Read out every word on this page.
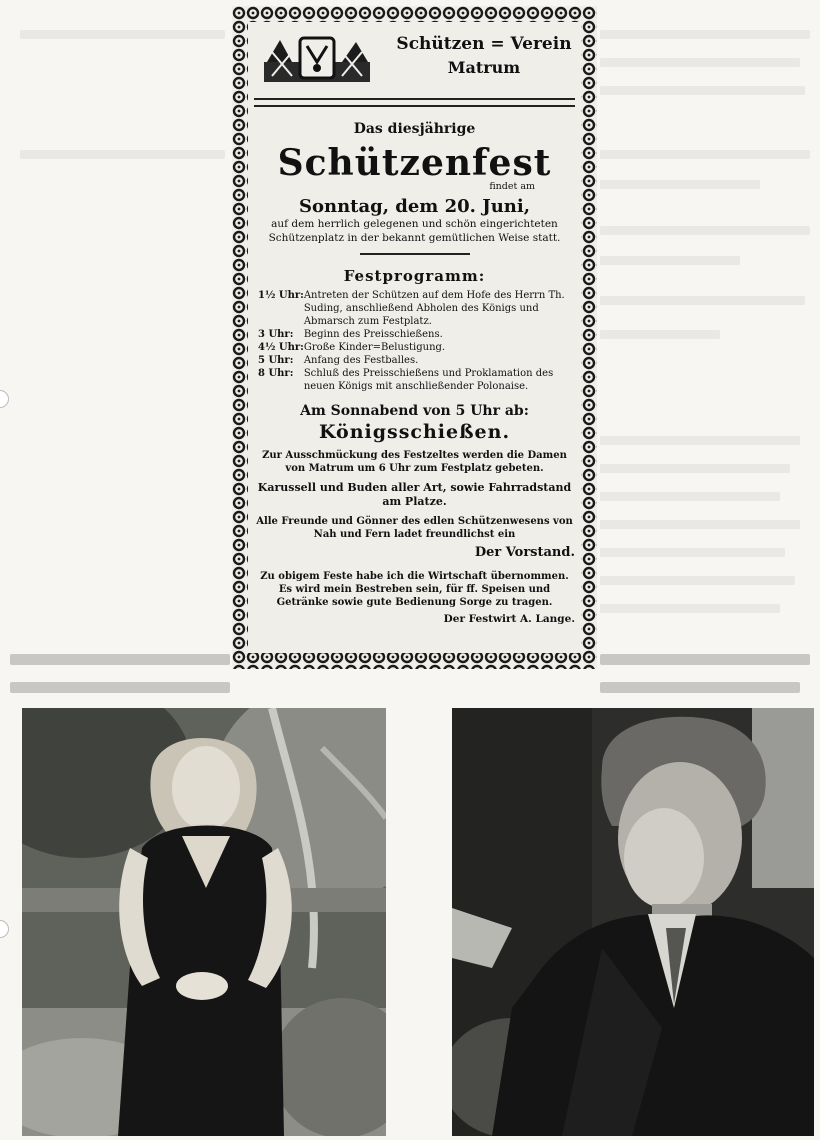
Schützen = Verein
Matrum
Das diesjährige
Schützenfest
findet am
Sonntag, dem 20. Juni,
auf dem herrlich gelegenen und schön eingerichteten Schützenplatz in der bekannt gemütlichen Weise statt.
Festprogramm:
1½ Uhr:	Antreten der Schützen auf dem Hofe des Herrn Th. Suding, anschließend Abholen des Königs und Abmarsch zum Festplatz.
3 Uhr:	Beginn des Preisschießens.
4½ Uhr:	Große Kinder=Belustigung.
5 Uhr:	Anfang des Festballes.
8 Uhr:	Schluß des Preisschießens und Proklamation des neuen Königs mit anschließender Polonaise.
Am Sonnabend von 5 Uhr ab:
Königsschießen.
Zur Ausschmückung des Festzeltes werden die Damen von Matrum um 6 Uhr zum Festplatz gebeten.
Karussell und Buden aller Art, sowie Fahrradstand am Platze.
Alle Freunde und Gönner des edlen Schützenwesens von Nah und Fern ladet freundlichst ein
Der Vorstand.
Zu obigem Feste habe ich die Wirtschaft übernommen. Es wird mein Bestreben sein, für ff. Speisen und Getränke sowie gute Bedienung Sorge zu tragen.
Der Festwirt A. Lange.
